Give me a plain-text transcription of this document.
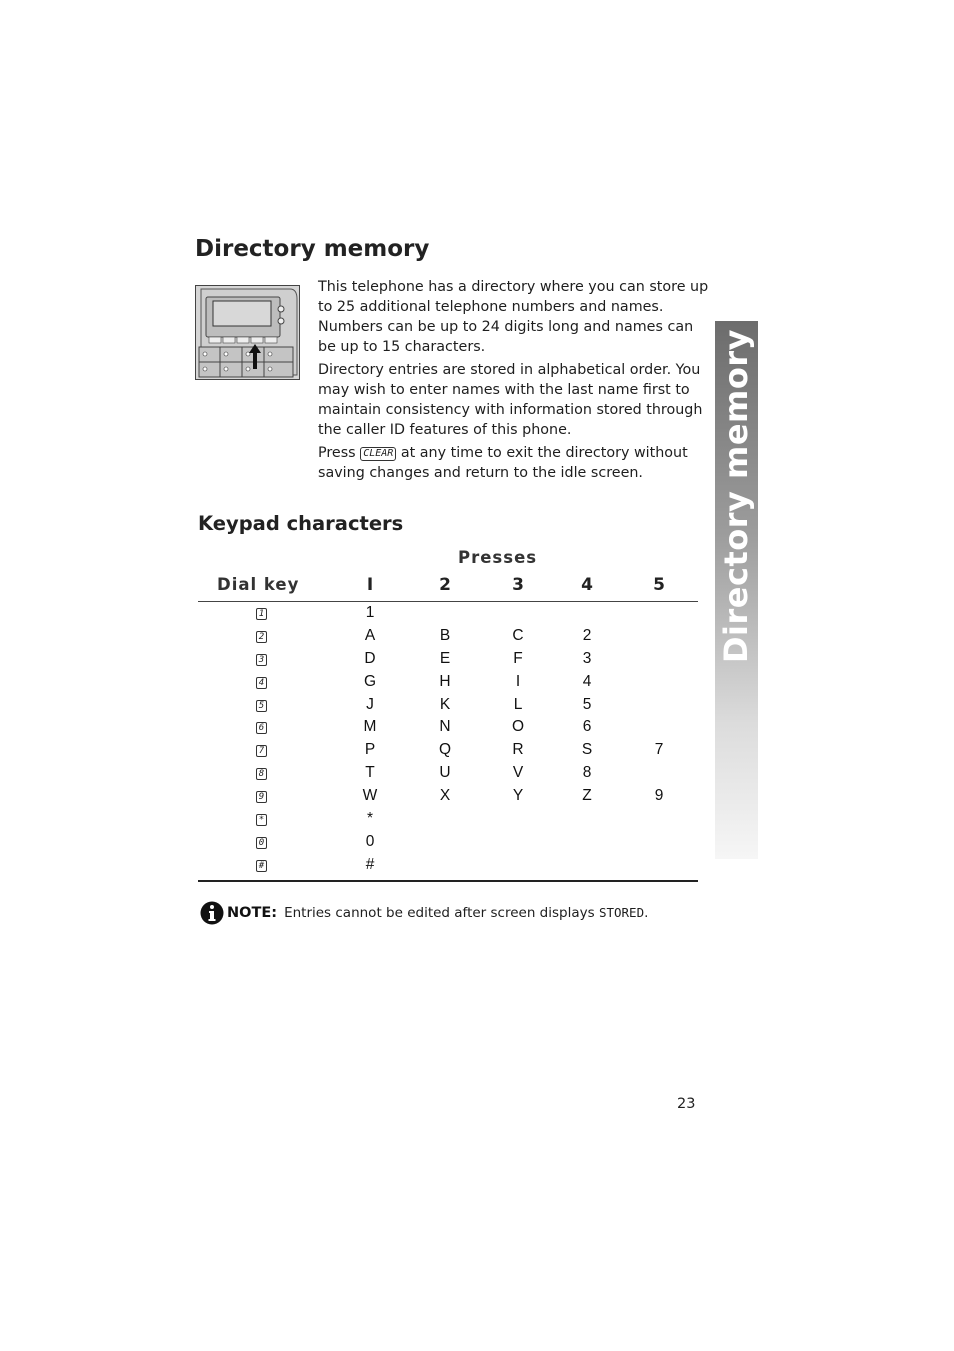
Directory memory

This telephone has a directory where you can store up to 25 additional telephone numbers and names. Numbers can be up to 24 digits long and names can be up to 15 characters.

Directory entries are stored in alphabetical order. You may wish to enter names with the last name first to maintain consistency with information stored through the caller ID features of this phone.

Press CLEAR at any time to exit the directory without saving changes and return to the idle screen.

Keypad characters
Presses
Dial key	I	2	3	4	5
1	1
2	A	B	C	2
3	D	E	F	3
4	G	H	I	4
5	J	K	L	5
6	M	N	O	6
7	P	Q	R	S	7
8	T	U	V	8
9	W	X	Y	Z	9
*	*
0	0
#	#
NOTE: Entries cannot be edited after screen displays STORED.
Directory memory
23
